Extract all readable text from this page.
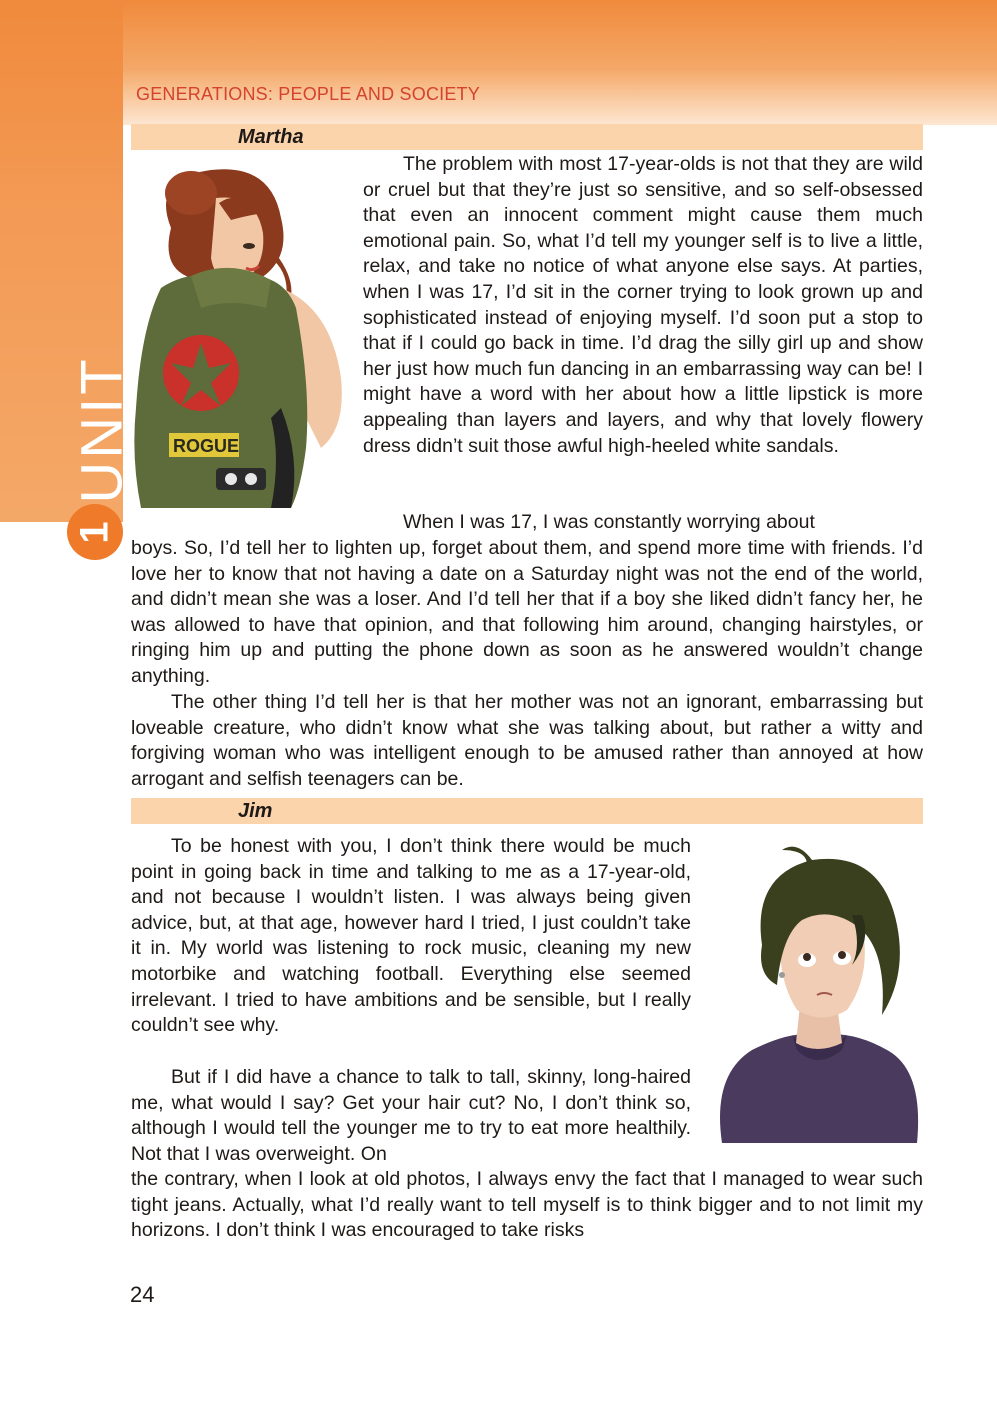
GENERATIONS: PEOPLE AND SOCIETY
UNIT
1
Martha
ROGUE

The problem with most 17-year-olds is not that they are wild or cruel but that they’re just so sensitive, and so self-obsessed that even an innocent comment might cause them much emotional pain. So, what I’d tell my younger self is to live a little, relax, and take no notice of what anyone else says. At parties, when I was 17, I’d sit in the corner trying to look grown up and sophisticated instead of enjoying myself. I’d soon put a stop to that if I could go back in time. I’d drag the silly girl up and show her just how much fun dancing in an embarrassing way can be! I might have a word with her about how a little lipstick is more appealing than layers and layers, and why that lovely flowery dress didn’t suit those awful high-heeled white sandals.

When I was 17, I was constantly worrying about

boys. So, I’d tell her to lighten up, forget about them, and spend more time with friends. I’d love her to know that not having a date on a Saturday night was not the end of the world, and didn’t mean she was a loser. And I’d tell her that if a boy she liked didn’t fancy her, he was allowed to have that opinion, and that following him around, changing hairstyles, or ringing him up and putting the phone down as soon as he answered wouldn’t change anything.

The other thing I’d tell her is that her mother was not an ignorant, embarrassing but loveable creature, who didn’t know what she was talking about, but rather a witty and forgiving woman who was intelligent enough to be amused rather than annoyed at how arrogant and selfish teenagers can be.

Jim

To be honest with you, I don’t think there would be much point in going back in time and talking to me as a 17-year-old, and not because I wouldn’t listen. I was always being given advice, but, at that age, however hard I tried, I just couldn’t take it in. My world was listening to rock music, cleaning my new motorbike and watching football. Everything else seemed irrelevant. I tried to have ambitions and be sensible, but I really couldn’t see why.

But if I did have a chance to talk to tall, skinny, long-haired me, what would I say? Get your hair cut? No, I don’t think so, although I would tell the younger me to try to eat more healthily. Not that I was overweight. On

the contrary, when I look at old photos, I always envy the fact that I managed to wear such tight jeans. Actually, what I’d really want to tell myself is to think bigger and to not limit my horizons. I don’t think I was encouraged to take risks

24
